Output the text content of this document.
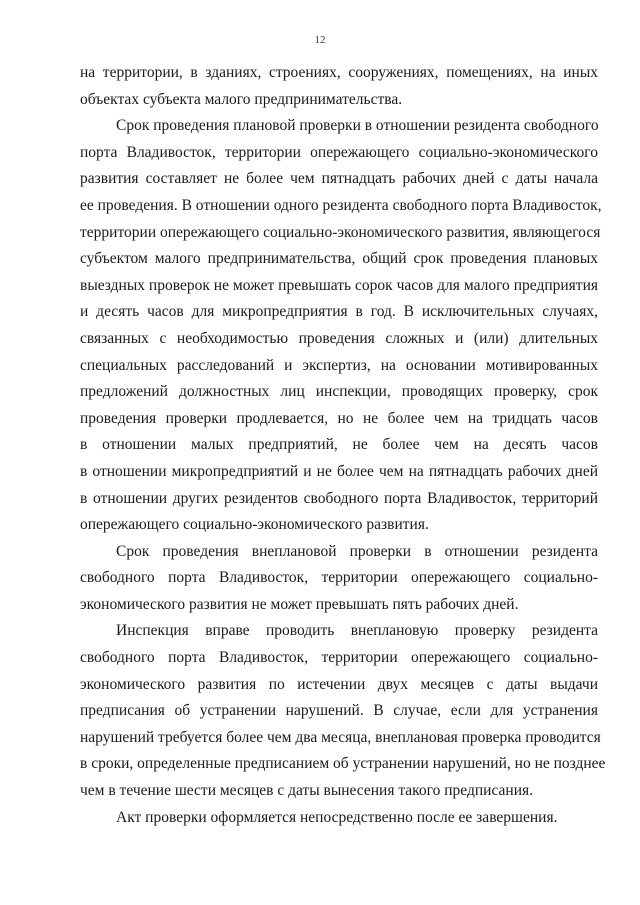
12
на территории, в зданиях, строениях, сооружениях, помещениях, на иных
объектах субъекта малого предпринимательства.
Срок проведения плановой проверки в отношении резидента свободного
порта Владивосток, территории опережающего социально-экономического
развития составляет не более чем пятнадцать рабочих дней с даты начала
ее проведения. В отношении одного резидента свободного порта Владивосток,
территории опережающего социально-экономического развития, являющегося
субъектом малого предпринимательства, общий срок проведения плановых
выездных проверок не может превышать сорок часов для малого предприятия
и десять часов для микропредприятия в год. В исключительных случаях,
связанных с необходимостью проведения сложных и (или) длительных
специальных расследований и экспертиз, на основании мотивированных
предложений должностных лиц инспекции, проводящих проверку, срок
проведения проверки продлевается, но не более чем на тридцать часов
в отношении малых предприятий, не более чем на десять часов
в отношении микропредприятий и не более чем на пятнадцать рабочих дней
в отношении других резидентов свободного порта Владивосток, территорий
опережающего социально-экономического развития.
Срок проведения внеплановой проверки в отношении резидента
свободного порта Владивосток, территории опережающего социально-
экономического развития не может превышать пять рабочих дней.
Инспекция вправе проводить внеплановую проверку резидента
свободного порта Владивосток, территории опережающего социально-
экономического развития по истечении двух месяцев с даты выдачи
предписания об устранении нарушений. В случае, если для устранения
нарушений требуется более чем два месяца, внеплановая проверка проводится
в сроки, определенные предписанием об устранении нарушений, но не позднее
чем в течение шести месяцев с даты вынесения такого предписания.
Акт проверки оформляется непосредственно после ее завершения.
